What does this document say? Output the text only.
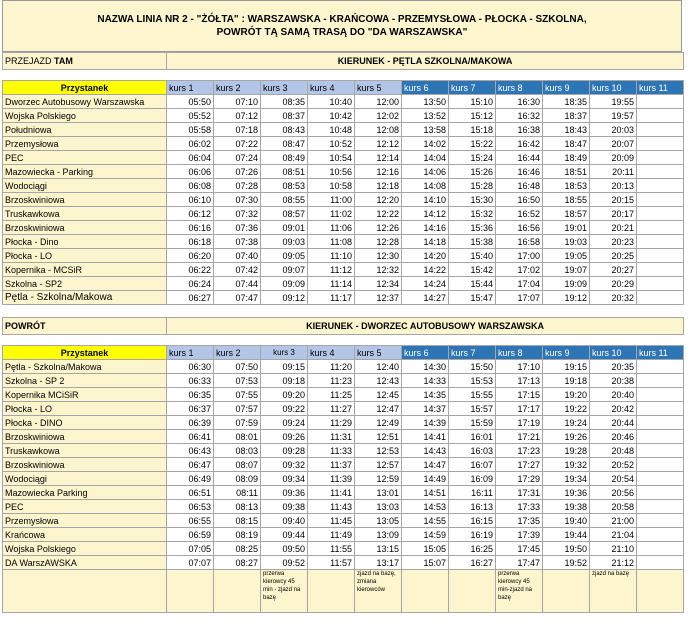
NAZWA LINIA NR 2 - "ŻÓŁTA" : WARSZAWSKA - KRAŃCOWA - PRZEMYSŁOWA - PŁOCKA - SZKOLNA,
POWRÓT TĄ SAMĄ TRASĄ DO "DA WARSZAWSKA"
PRZEJAZD TAM	KIERUNEK - PĘTLA SZKOLNA/MAKOWA										

Przystanek	kurs 1	kurs 2	kurs 3	kurs 4	kurs 5	kurs 6	kurs 7	kurs 8	kurs 9	kurs 10	kurs 11
Dworzec Autobusowy Warszawska	05:50	07:10	08:35	10:40	12:00	13:50	15:10	16:30	18:35	19:55	
Wojska Polskiego	05:52	07:12	08:37	10:42	12:02	13:52	15:12	16:32	18:37	19:57	
Południowa	05:58	07:18	08:43	10:48	12:08	13:58	15:18	16:38	18:43	20:03	
Przemysłowa	06:02	07:22	08:47	10:52	12:12	14:02	15:22	16:42	18:47	20:07	
PEC	06:04	07:24	08:49	10:54	12:14	14:04	15:24	16:44	18:49	20:09	
Mazowiecka - Parking	06:06	07:26	08:51	10:56	12:16	14:06	15:26	16:46	18:51	20:11	
Wodociągi	06:08	07:28	08:53	10:58	12:18	14:08	15:28	16:48	18:53	20:13	
Brzoskwiniowa	06:10	07:30	08:55	11:00	12:20	14:10	15:30	16:50	18:55	20:15	
Truskawkowa	06:12	07:32	08:57	11:02	12:22	14:12	15:32	16:52	18:57	20:17	
Brzoskwiniowa	06:16	07:36	09:01	11:06	12:26	14:16	15:36	16:56	19:01	20:21	
Płocka - Dino	06:18	07:38	09:03	11:08	12:28	14:18	15:38	16:58	19:03	20:23	
Płocka - LO	06:20	07:40	09:05	11:10	12:30	14:20	15:40	17:00	19:05	20:25	
Kopernika - MCSiR	06:22	07:42	09:07	11:12	12:32	14:22	15:42	17:02	19:07	20:27	
Szkolna - SP2	06:24	07:44	09:09	11:14	12:34	14:24	15:44	17:04	19:09	20:29	
Pętla - Szkolna/Makowa	06:27	07:47	09:12	11:17	12:37	14:27	15:47	17:07	19:12	20:32	
POWRÓT	KIERUNEK - DWORZEC AUTOBUSOWY WARSZAWSKA										

Przystanek	kurs 1	kurs 2	kurs 3	kurs 4	kurs 5	kurs 6	kurs 7	kurs 8	kurs 9	kurs 10	kurs 11
Pętla - Szkolna/Makowa	06:30	07:50	09:15	11:20	12:40	14:30	15:50	17:10	19:15	20:35	
Szkolna - SP 2	06:33	07:53	09:18	11:23	12:43	14:33	15:53	17:13	19:18	20:38	
Kopernika MCiSiR	06:35	07:55	09:20	11:25	12:45	14:35	15:55	17:15	19:20	20:40	
Płocka - LO	06:37	07:57	09:22	11:27	12:47	14:37	15:57	17:17	19:22	20:42	
Płocka - DINO	06:39	07:59	09:24	11:29	12:49	14:39	15:59	17:19	19:24	20:44	
Brzoskwiniowa	06:41	08:01	09:26	11:31	12:51	14:41	16:01	17:21	19:26	20:46	
Truskawkowa	06:43	08:03	09:28	11:33	12:53	14:43	16:03	17:23	19:28	20:48	
Brzoskwiniowa	06:47	08:07	09:32	11:37	12:57	14:47	16:07	17:27	19:32	20:52	
Wodociągi	06:49	08:09	09:34	11:39	12:59	14:49	16:09	17:29	19:34	20:54	
Mazowiecka Parking	06:51	08:11	09:36	11:41	13:01	14:51	16:11	17:31	19:36	20:56	
PEC	06:53	08:13	09:38	11:43	13:03	14:53	16:13	17:33	19:38	20:58	
Przemysłowa	06:55	08:15	09:40	11:45	13:05	14:55	16:15	17:35	19:40	21:00	
Krańcowa	06:59	08:19	09:44	11:49	13:09	14:59	16:19	17:39	19:44	21:04	
Wojska Polskiego	07:05	08:25	09:50	11:55	13:15	15:05	16:25	17:45	19:50	21:10	
DA WarszAWSKA	07:07	08:27	09:52	11:57	13:17	15:07	16:27	17:47	19:52	21:12	
			przerwa kierowcy 45 min - zjazd na bazę		zjazd na bazę, zmiana kierowców			przerwa kierowcy 45 min-zjazd na bazę		zjazd na bazę	
